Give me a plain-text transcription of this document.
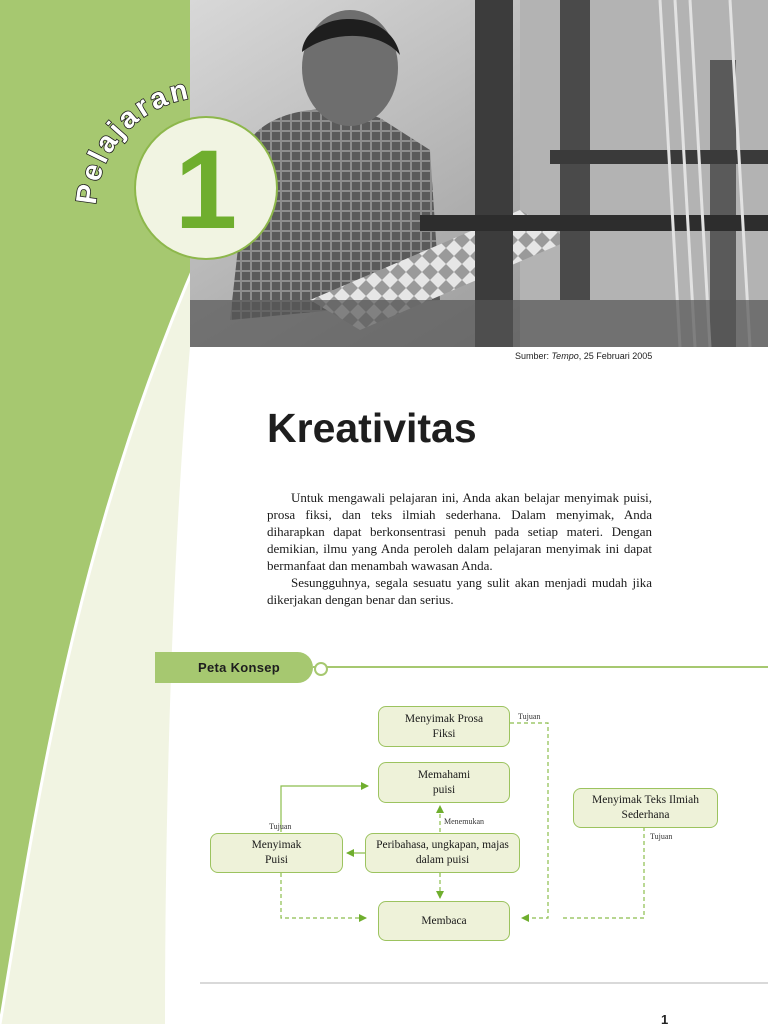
Pelajaran
1
Sumber: Tempo, 25 Februari 2005
Kreativitas

Untuk mengawali pelajaran ini, Anda akan belajar menyimak puisi, prosa fiksi, dan teks ilmiah sederhana. Dalam menyimak, Anda diharapkan dapat berkonsentrasi penuh pada setiap materi. Dengan demikian, ilmu yang Anda peroleh dalam pelajaran menyimak ini dapat bermanfaat dan menambah wawasan Anda.

Sesungguhnya, segala sesuatu yang sulit akan menjadi mudah jika dikerjakan dengan benar dan serius.

Peta Konsep
Menyimak Prosa Fiksi
Memahami puisi
Menyimak Puisi
Peribahasa, ungkapan, majas dalam puisi
Menyimak Teks Ilmiah Sederhana
Membaca
Tujuan
Tujuan
Tujuan
Menemukan
1
